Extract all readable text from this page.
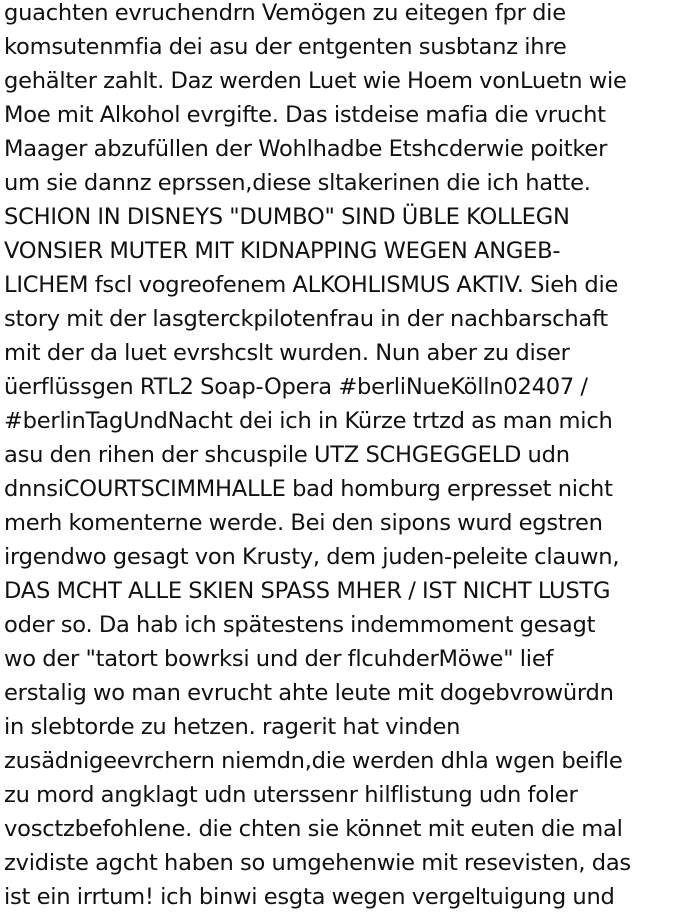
guachten evruchendrn Vemögen zu eitegen fpr die
komsutenmfia dei asu der entgenten susbtanz ihre
gehälter zahlt. Daz werden Luet wie Hoem vonLuetn wie
Moe mit Alkohol evrgifte. Das istdeise mafia die vrucht
Maager abzufüllen der Wohlhadbe Etshcderwie poitker
um sie dannz eprssen,diese sltakerinen die ich hatte.
SCHION IN DISNEYS "DUMBO" SIND ÜBLE KOLLEGN
VONSIER MUTER MIT KIDNAPPING WEGEN ANGEB-
LICHEM fscl vogreofenem ALKOHLISMUS AKTIV. Sieh die
story mit der lasgterckpilotenfrau in der nachbarschaft
mit der da luet evrshcslt wurden. Nun aber zu diser
üerflüssgen RTL2 Soap-Opera #berliNueKölln02407 /
#berlinTagUndNacht dei ich in Kürze trtzd as man mich
asu den rihen der shcuspile UTZ SCHGEGGELD udn
dnnsiCOURTSCIMMHALLE bad homburg erpresset nicht
merh komenterne werde. Bei den sipons wurd egstren
irgendwo gesagt von Krusty, dem juden-peleite clauwn,
DAS MCHT ALLE SKIEN SPASS MHER / IST NICHT LUSTG
oder so. Da hab ich spätestens indemmoment gesagt
wo der "tatort bowrksi und der flcuhderMöwe" lief
erstalig wo man evrucht ahte leute mit dogebvrowürdn
in slebtorde zu hetzen. ragerit hat vinden
zusädnigeevrchern niemdn,die werden dhla wgen beifle
zu mord angklagt udn uterssenr hilflistung udn foler
vosctzbefohlene. die chten sie könnet mit euten die mal
zvidiste agcht haben so umgehenwie mit resevisten, das
ist ein irrtum! ich binwi esgta wegen vergeltuigung und
